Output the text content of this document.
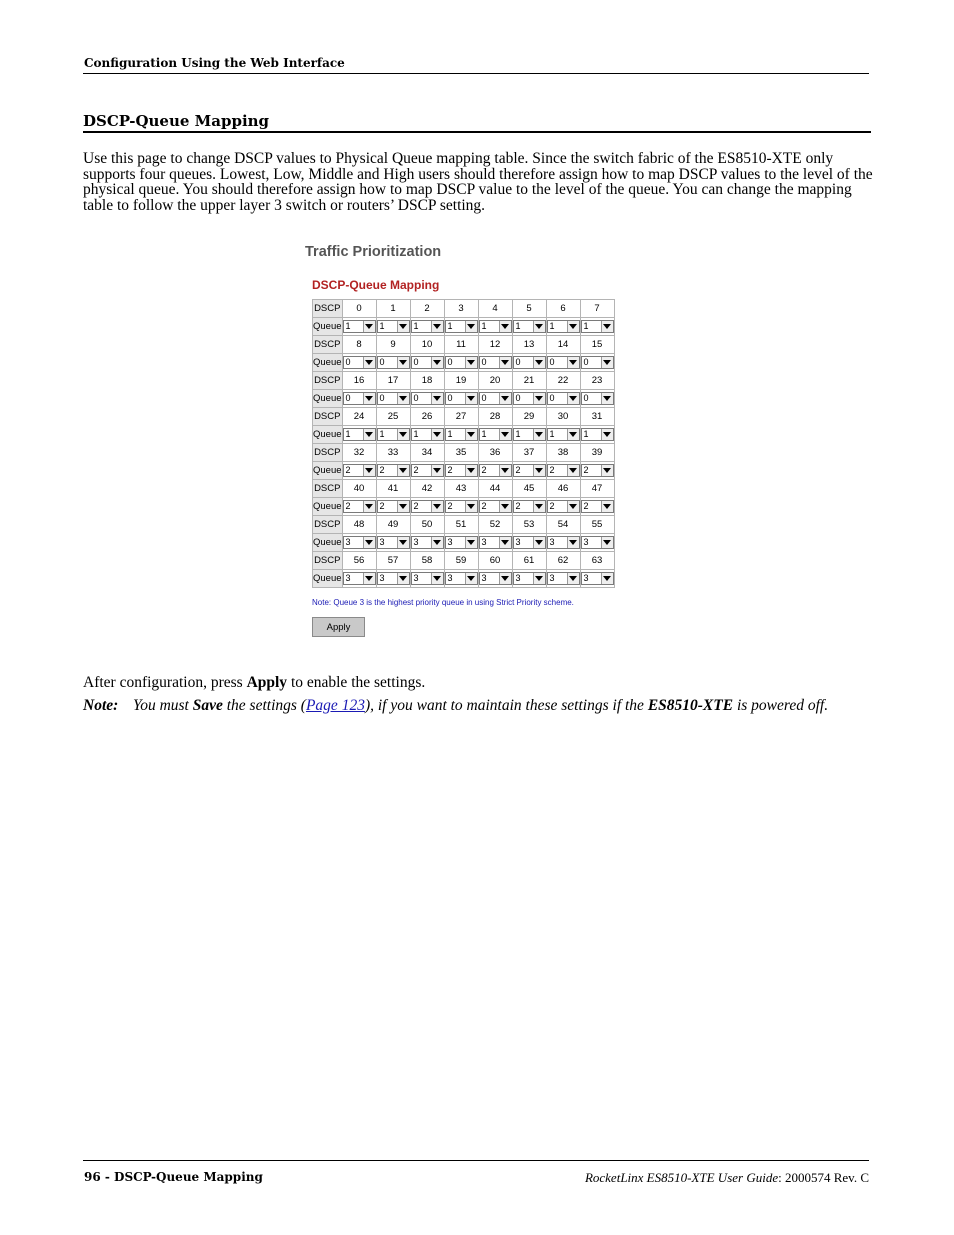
Configuration Using the Web Interface
DSCP-Queue Mapping

Use this page to change DSCP values to Physical Queue mapping table. Since the switch fabric of the ES8510-XTE only supports four queues. Lowest, Low, Middle and High users should therefore assign how to map DSCP values to the level of the physical queue. You should therefore assign how to map DSCP value to the level of the queue. You can change the mapping table to follow the upper layer 3 switch or routers’ DSCP setting.

Traffic Prioritization
DSCP-Queue Mapping
DSCP	0	1	2	3	4	5	6	7
Queue	1	1	1	1	1	1	1	1

DSCP	8	9	10	11	12	13	14	15
Queue	0	0	0	0	0	0	0	0

DSCP	16	17	18	19	20	21	22	23
Queue	0	0	0	0	0	0	0	0

DSCP	24	25	26	27	28	29	30	31
Queue	1	1	1	1	1	1	1	1

DSCP	32	33	34	35	36	37	38	39
Queue	2	2	2	2	2	2	2	2

DSCP	40	41	42	43	44	45	46	47
Queue	2	2	2	2	2	2	2	2

DSCP	48	49	50	51	52	53	54	55
Queue	3	3	3	3	3	3	3	3

DSCP	56	57	58	59	60	61	62	63
Queue	3	3	3	3	3	3	3	3
Note: Queue 3 is the highest priority queue in using Strict Priority scheme.
Apply
After configuration, press Apply to enable the settings.
Note: You must Save the settings (Page 123), if you want to maintain these settings if the ES8510-XTE is powered off.
96 - DSCP-Queue Mapping	RocketLinx ES8510-XTE User Guide: 2000574 Rev. C
